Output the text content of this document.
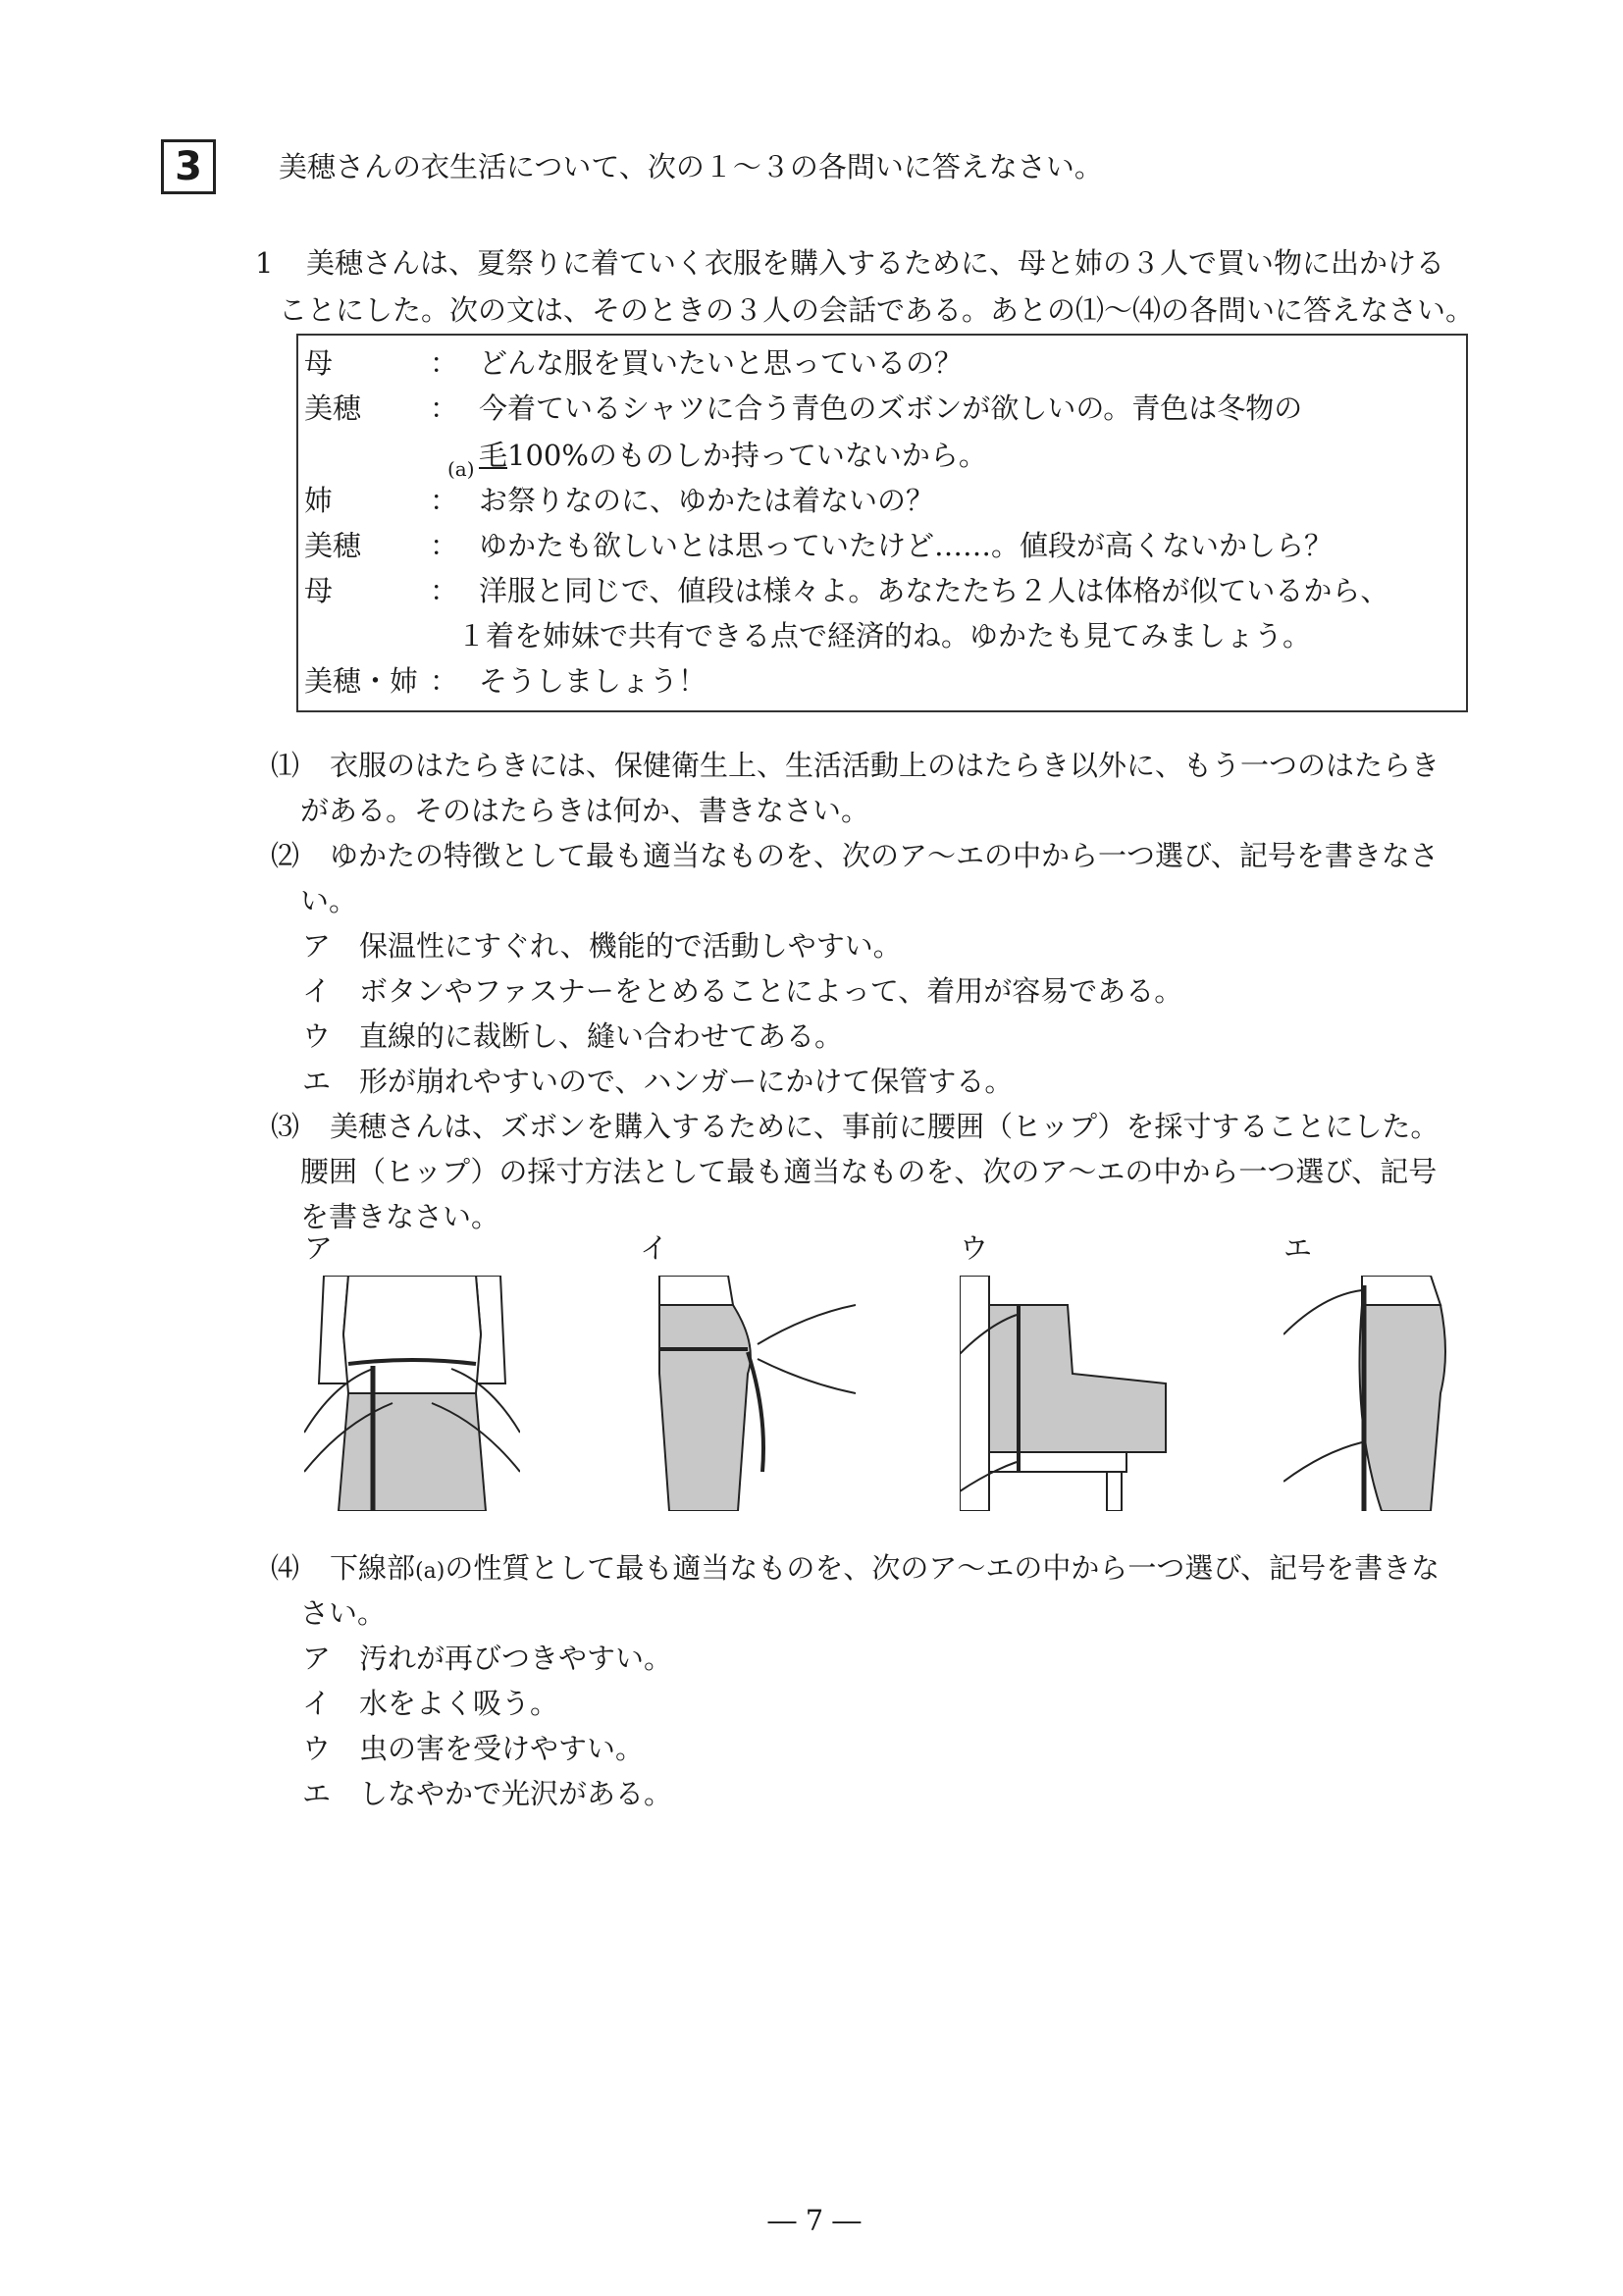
3	美穂さんの衣生活について、次の１～３の各問いに答えなさい。
1 美穂さんは、夏祭りに着ていく衣服を購入するために、母と姉の３人で買い物に出かける
ことにした。次の文は、そのときの３人の会話である。あとの⑴～⑷の各問いに答えなさい。
母	： どんな服を買いたいと思っているの？
美穂 ： 今着ているシャツに合う青色のズボンが欲しいの。青色は冬物の
毛100%のものしか持っていないから。
(a)
姉	： お祭りなのに、ゆかたは着ないの？
美穂 ： ゆかたも欲しいとは思っていたけど……。値段が高くないかしら？
母	： 洋服と同じで、値段は様々よ。あなたたち２人は体格が似ているから、
１着を姉妹で共有できる点で経済的ね。ゆかたも見てみましょう。
美穂・姉 ： そうしましょう！
⑴ 衣服のはたらきには、保健衛生上、生活活動上のはたらき以外に、もう一つのはたらき
がある。そのはたらきは何か、書きなさい。
⑵ ゆかたの特徴として最も適当なものを、次のア～エの中から一つ選び、記号を書きなさ
い。
ア 保温性にすぐれ、機能的で活動しやすい。
イ ボタンやファスナーをとめることによって、着用が容易である。
ウ 直線的に裁断し、縫い合わせてある。
エ 形が崩れやすいので、ハンガーにかけて保管する。
⑶ 美穂さんは、ズボンを購入するために、事前に腰囲（ヒップ）を採寸することにした。
腰囲（ヒップ）の採寸方法として最も適当なものを、次のア～エの中から一つ選び、記号
を書きなさい。
ア	イ	ウ	エ
⑷ 下線部(a)の性質として最も適当なものを、次のア～エの中から一つ選び、記号を書きな
さい。
ア 汚れが再びつきやすい。
イ 水をよく吸う。
ウ 虫の害を受けやすい。
エ しなやかで光沢がある。
― 7 ―
